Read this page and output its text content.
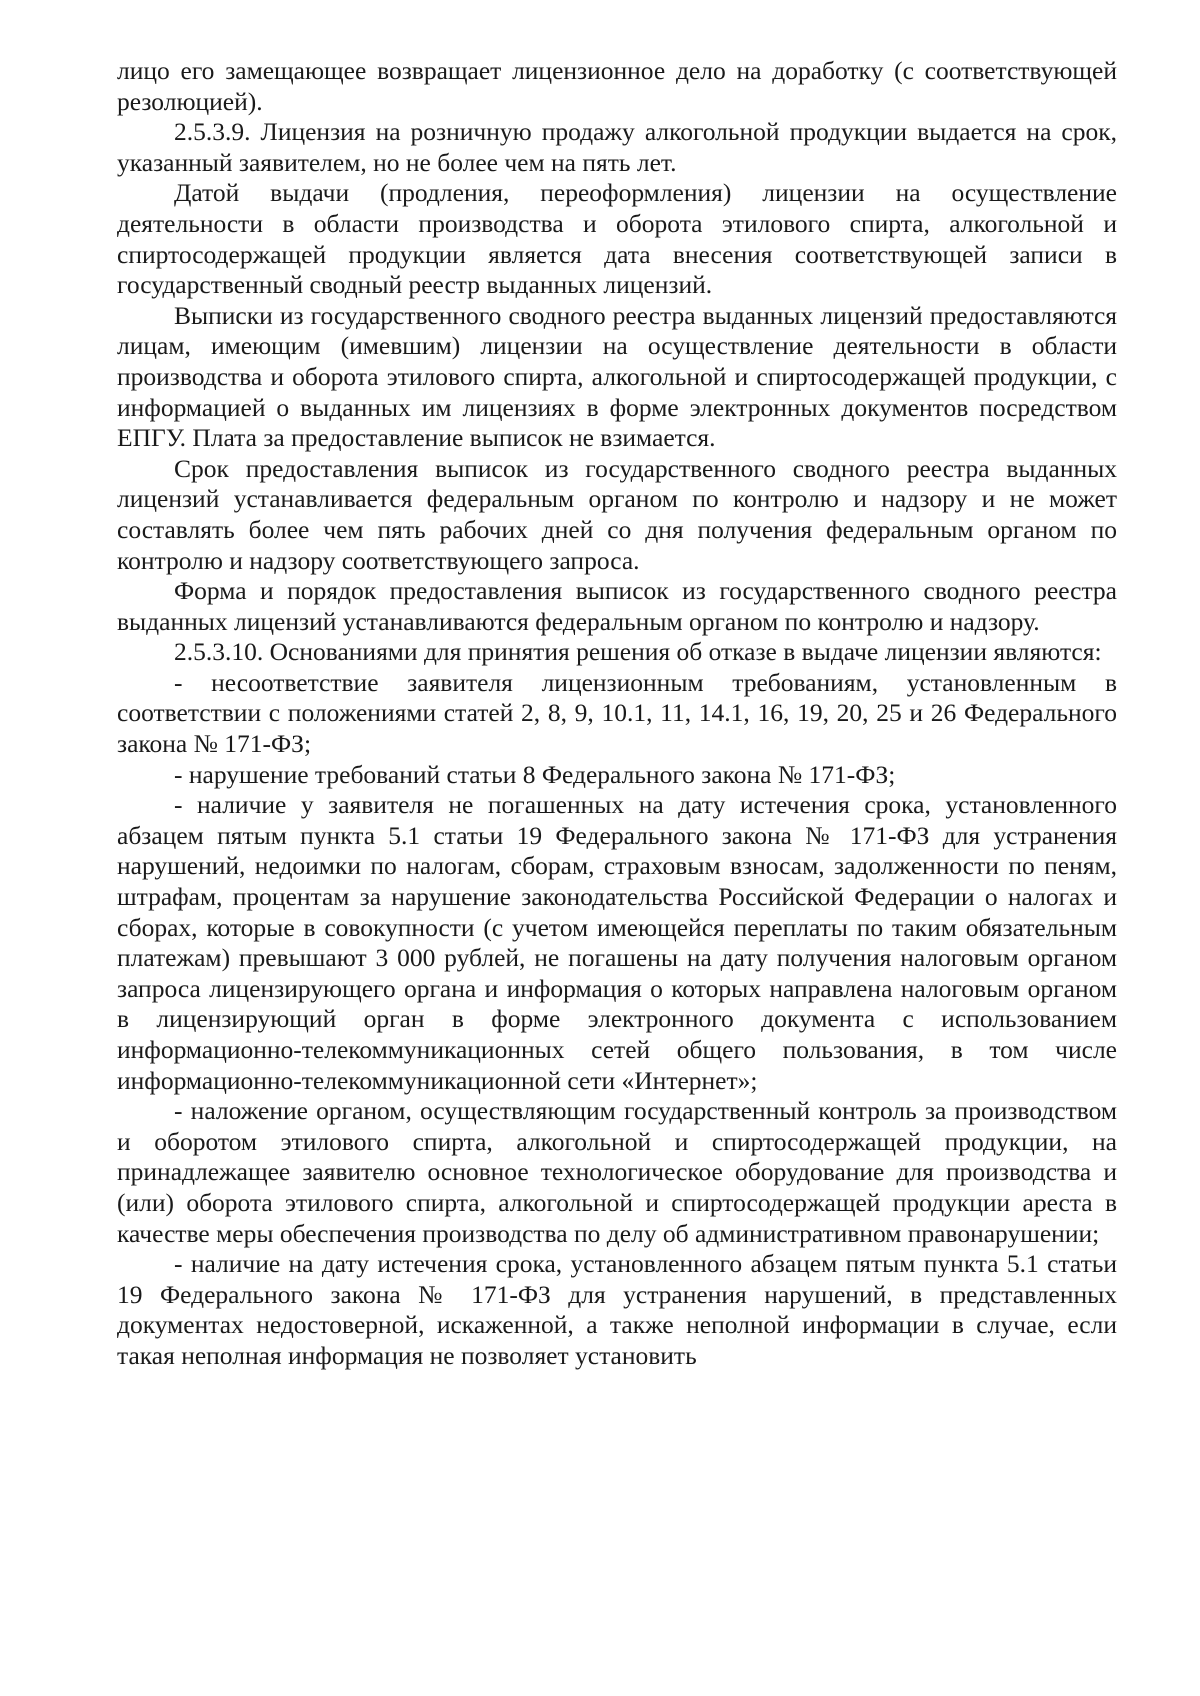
лицо его замещающее возвращает лицензионное дело на доработку (с соответствующей резолюцией).

2.5.3.9. Лицензия на розничную продажу алкогольной продукции выдается на срок, указанный заявителем, но не более чем на пять лет.

Датой выдачи (продления, переоформления) лицензии на осуществление деятельности в области производства и оборота этилового спирта, алкогольной и спиртосодержащей продукции является дата внесения соответствующей записи в государственный сводный реестр выданных лицензий.

Выписки из государственного сводного реестра выданных лицензий предоставляются лицам, имеющим (имевшим) лицензии на осуществление деятельности в области производства и оборота этилового спирта, алкогольной и спиртосодержащей продукции, с информацией о выданных им лицензиях в форме электронных документов посредством ЕПГУ. Плата за предоставление выписок не взимается.

Срок предоставления выписок из государственного сводного реестра выданных лицензий устанавливается федеральным органом по контролю и надзору и не может составлять более чем пять рабочих дней со дня получения федеральным органом по контролю и надзору соответствующего запроса.

Форма и порядок предоставления выписок из государственного сводного реестра выданных лицензий устанавливаются федеральным органом по контролю и надзору.

2.5.3.10. Основаниями для принятия решения об отказе в выдаче лицензии являются:

- несоответствие заявителя лицензионным требованиям, установленным в соответствии с положениями статей 2, 8, 9, 10.1, 11, 14.1, 16, 19, 20, 25 и 26 Федерального закона № 171-ФЗ;

- нарушение требований статьи 8 Федерального закона № 171-ФЗ;

- наличие у заявителя не погашенных на дату истечения срока, установленного абзацем пятым пункта 5.1 статьи 19 Федерального закона № 171-ФЗ для устранения нарушений, недоимки по налогам, сборам, страховым взносам, задолженности по пеням, штрафам, процентам за нарушение законодательства Российской Федерации о налогах и сборах, которые в совокупности (с учетом имеющейся переплаты по таким обязательным платежам) превышают 3 000 рублей, не погашены на дату получения налоговым органом запроса лицензирующего органа и информация о которых направлена налоговым органом в лицензирующий орган в форме электронного документа с использованием информационно-телекоммуникационных сетей общего пользования, в том числе информационно-телекоммуникационной сети «Интернет»;

- наложение органом, осуществляющим государственный контроль за производством и оборотом этилового спирта, алкогольной и спиртосодержащей продукции, на принадлежащее заявителю основное технологическое оборудование для производства и (или) оборота этилового спирта, алкогольной и спиртосодержащей продукции ареста в качестве меры обеспечения производства по делу об административном правонарушении;

- наличие на дату истечения срока, установленного абзацем пятым пункта 5.1 статьи 19 Федерального закона № 171-ФЗ для устранения нарушений, в представленных документах недостоверной, искаженной, а также неполной информации в случае, если такая неполная информация не позволяет установить
